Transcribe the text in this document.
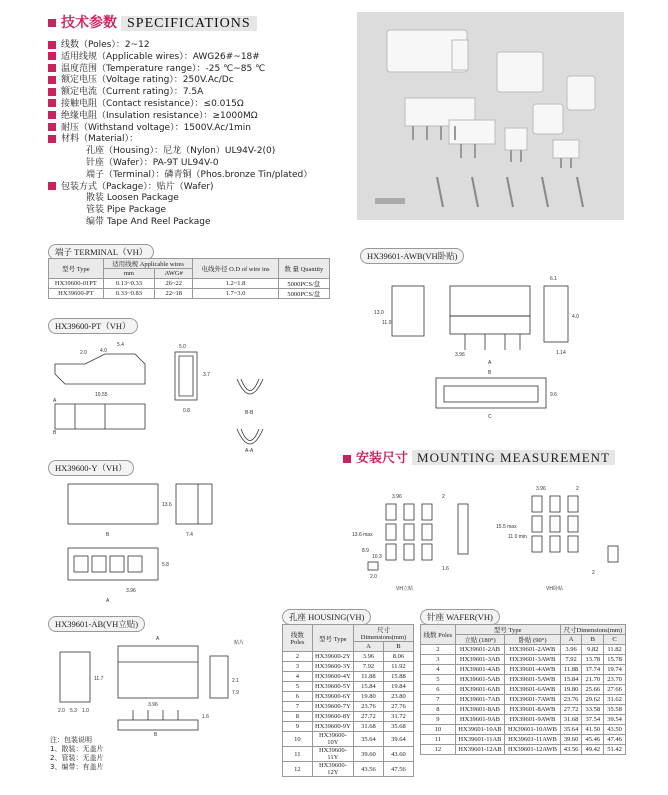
技术参数 SPECIFICATIONS
线数（Poles）：2~12
适用线规（Applicable wires）：AWG26#~18#
温度范围（Temperature range）：-25 ℃~85 ℃
额定电压（Voltage rating）：250V.Ac/Dc
额定电流（Current rating）：7.5A
接触电阻（Contact resistance）：≤0.015Ω
绝缘电阻（Insulation resistance）：≥1000MΩ
耐压（Withstand voltage）：1500V.Ac/1min
材料（Material）：
孔座（Housing）：尼龙（Nylon）UL94V-2(0)
针座（Wafer）：PA-9T UL94V-0
端子（Terminal）：磷青铜（Phos.bronze Tin/plated）
包装方式（Package）：贴片（Wafer)
散装 Loosen Package
管装 Pipe Package
编带 Tape And Reel Package
端子 TERMINAL（VH）
型号 Type	适用线规 Applicable wires		电线外径 O.D of wire ins	数 量 Quantity
	mm	AWG#		
HX39600-01PT	0.13~0.33	26~22	1.2~1.8	5000PCS/盘
HX39600-PT	0.33~0.83	22~18	1.7~3.0	5000PCS/盘
HX39600-PT（VH）
5.4
4.0
2.0
10.55
5.0
3.7
0.8	B-B
A-A
A
B
HX39600-Y（VH）
13.6
7.4
5.8
3.96
A
B
HX39601-AB(VH立贴)
11.7
2.0 5.3 1.0
3.96
A
B
1.6
2.1
7.9
贴片
注：包装说明
1、散装：无盖片
2、管装：无盖片
3、编带：有盖片
HX39601-AWB(VH卧贴)
6.1
13.0
11.0
3.96
4.0
1.14
A
B
C
9.6
安装尺寸 MOUNTING MEASUREMENT
3.96	2
13.6 max
8.9
10.3
2.0
1.6
3.96	2
15.5 max
11.0 min
2
VH立贴	VH卧贴
孔座 HOUSING(VH)
线数 Poles	型号 Type	尺寸Dimensions(mm)	
		A	B
2	HX39600-2Y	3.96	8.06
3	HX39600-3Y	7.92	11.92
4	HX39600-4Y	11.88	15.88
5	HX39600-5Y	15.84	19.84
6	HX39600-6Y	19.80	23.80
7	HX39600-7Y	23.76	27.76
8	HX39600-8Y	27.72	31.72
9	HX39600-9Y	31.68	35.68
10	HX39600-10Y	35.64	39.64
11	HX39600-11Y	39.60	43.60
12	HX39600-12Y	43.56	47.56
针座 WAFER(VH)
线数 Poles	型号 Type		尺寸Dimensions(mm)		
	立贴 (180°)	卧贴 (90°)	A	B	C
2	HX39601-2AB	HX39601-2AWB	3.96	9.82	11.82
3	HX39601-3AB	HX39601-3AWB	7.92	13.78	15.78
4	HX39601-4AB	HX39601-4AWB	11.88	17.74	19.74
5	HX39601-5AB	HX39601-5AWB	15.84	21.70	23.70
6	HX39601-6AB	HX39601-6AWB	19.80	25.66	27.66
7	HX39601-7AB	HX39601-7AWB	23.76	29.62	31.62
8	HX39601-8AB	HX39601-8AWB	27.72	33.58	35.58
9	HX39601-9AB	HX39601-9AWB	31.68	37.54	39.54
10	HX39601-10AB	HX39601-10AWB	35.64	41.50	43.50
11	HX39601-11AB	HX39601-11AWB	39.60	45.46	47.46
12	HX39601-12AB	HX39601-12AWB	43.56	49.42	51.42
